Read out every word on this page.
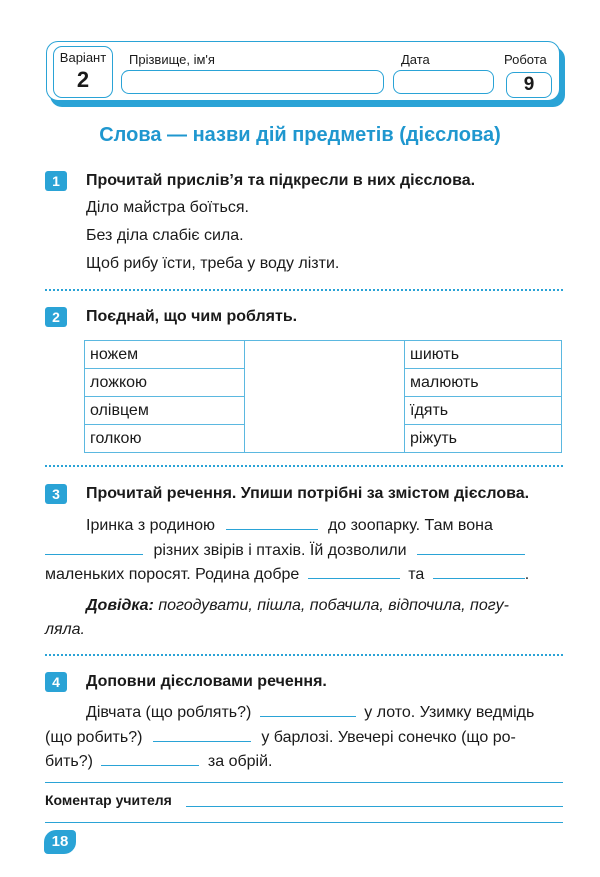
Варіант
2
Прізвище, ім'я	Дата	Робота
9
Слова — назви дій предметів (дієслова)
1	Прочитай прислів’я та підкресли в них дієслова.
Діло майстра боїться.
Без діла слабіє сила.
Щоб рибу їсти, треба у воду лізти.
2	Поєднай, що чим роблять.
ножем		шиють
ложкою		малюють
олівцем		їдять
голкою		ріжуть
3	Прочитай речення. Упиши потрібні за змістом дієслова.
Іринка з родиною	до зоопарку. Там вона
різних звірів і птахів. Їй дозволили
маленьких поросят. Родина добре	та	.
Довідка: погодувати, пішла, побачила, відпочила, погу-
ляла.
4	Доповни дієсловами речення.
Дівчата (що роблять?)	у лото. Узимку ведмідь
(що робить?)	у барлозі. Увечері сонечко (що ро-
бить?)	за обрій.
Коментар учителя
18
